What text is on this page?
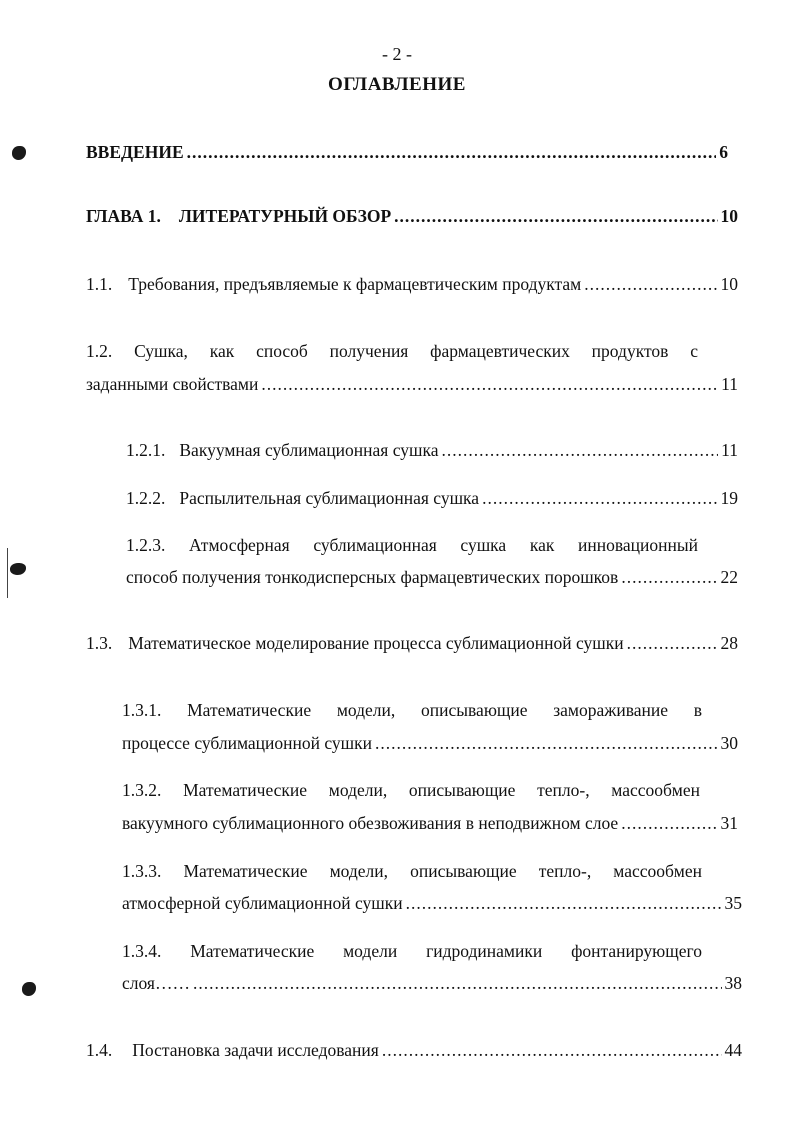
- 2 -
ОГЛАВЛЕНИЕ
ВВЕДЕНИЕ .....	6
ГЛАВА 1. ЛИТЕРАТУРНЫЙ ОБЗОР .....	10
1.1. Требования, предъявляемые к фармацевтическим продуктам .....	10
1.2. Сушка, как способ получения фармацевтических продуктов с
заданными свойствами .....	11
1.2.1. Вакуумная сублимационная сушка .....	11
1.2.2. Распылительная сублимационная сушка .....	19
1.2.3. Атмосферная сублимационная сушка как инновационный
способ получения тонкодисперсных фармацевтических порошков .....	22
1.3. Математическое моделирование процесса сублимационной сушки .....	28
1.3.1. Математические модели, описывающие замораживание в
процессе сублимационной сушки .....	30
1.3.2. Математические модели, описывающие тепло-, массообмен
вакуумного сублимационного обезвоживания в неподвижном слое .....	31
1.3.3. Математические модели, описывающие тепло-, массообмен
атмосферной сублимационной сушки .....	35
1.3.4. Математические модели гидродинамики фонтанирующего
слоя…… .....	38
1.4. Постановка задачи исследования .....	44
